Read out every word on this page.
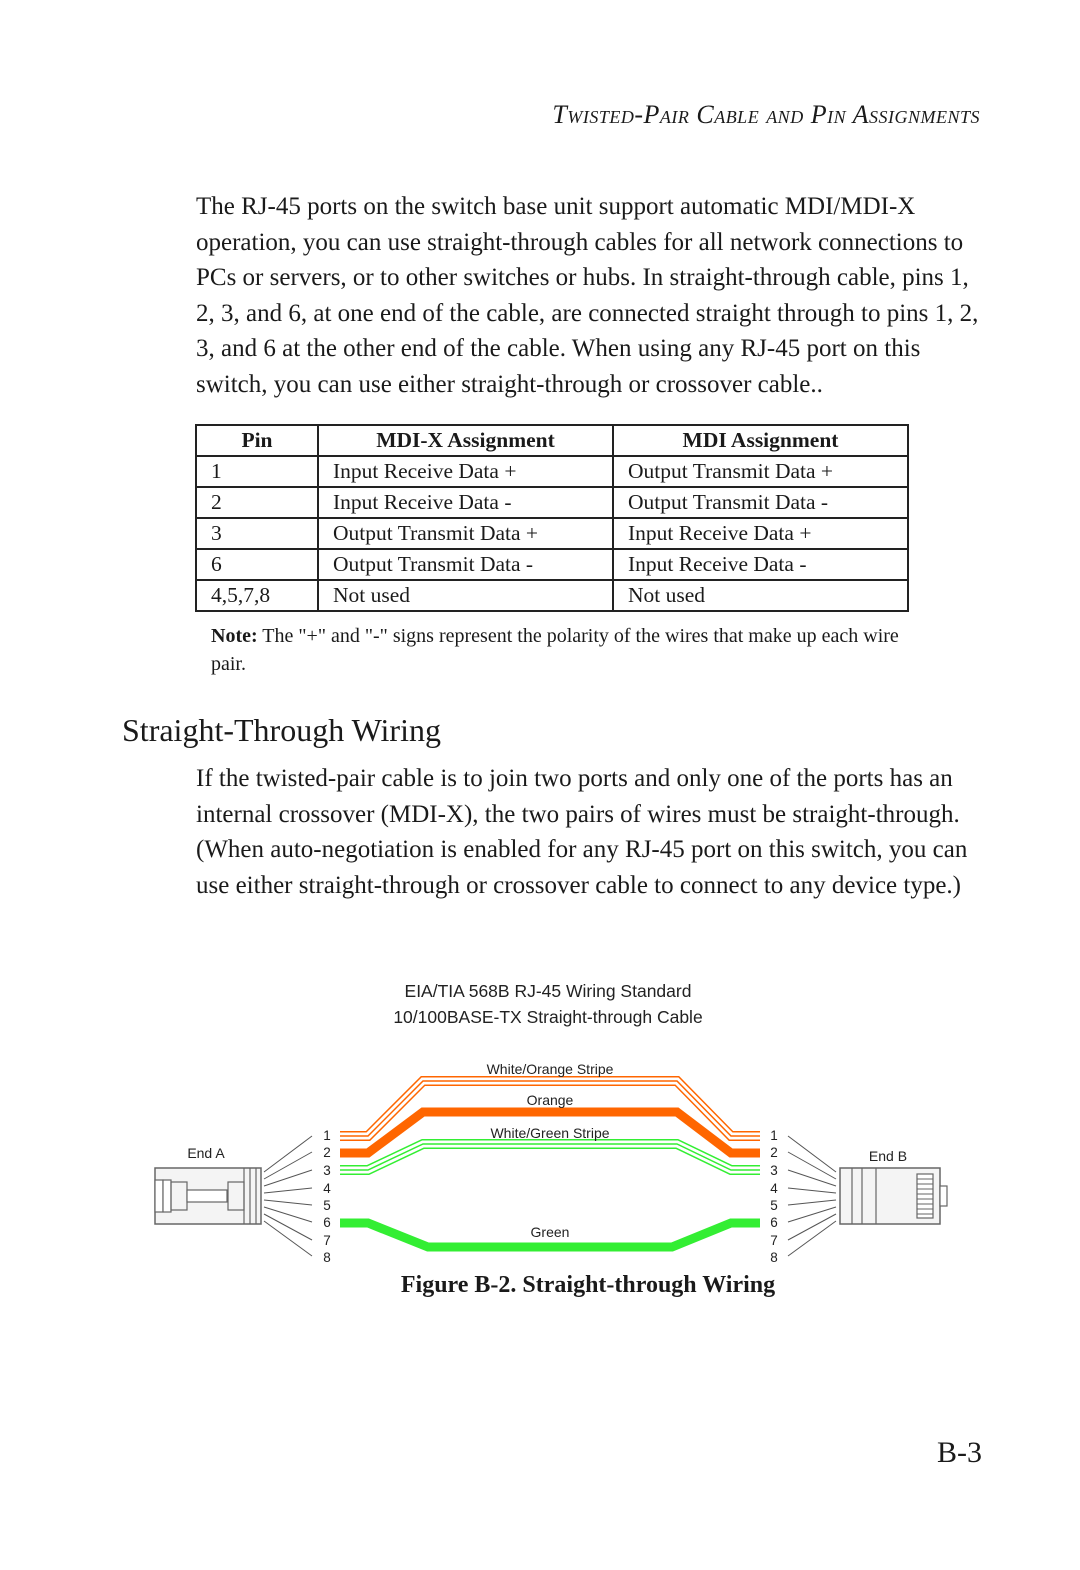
Twisted-Pair Cable and Pin Assignments

The RJ-45 ports on the switch base unit support automatic MDI/MDI-X operation, you can use straight-through cables for all network connections to PCs or servers, or to other switches or hubs. In straight-through cable, pins 1, 2, 3, and 6, at one end of the cable, are connected straight through to pins 1, 2, 3, and 6 at the other end of the cable. When using any RJ-45 port on this switch, you can use either straight-through or crossover cable..

Pin	MDI-X Assignment	MDI Assignment
1	Input Receive Data +	Output Transmit Data +
2	Input Receive Data -	Output Transmit Data -
3	Output Transmit Data +	Input Receive Data +
6	Output Transmit Data -	Input Receive Data -
4,5,7,8	Not used	Not used
Note: The "+" and "-" signs represent the polarity of the wires that make up each wire pair.
Straight-Through Wiring

If the twisted-pair cable is to join two ports and only one of the ports has an internal crossover (MDI-X), the two pairs of wires must be straight-through. (When auto-negotiation is enabled for any RJ-45 port on this switch, you can use either straight-through or crossover cable to connect to any device type.)

EIA/TIA 568B RJ-45 Wiring Standard
10/100BASE-TX Straight-through Cable
End A	End B
1
2
3
4
5
6
7
8
1
2
3
4
5
6
7
8
White/Orange Stripe
Orange
White/Green Stripe
Green
Figure B-2. Straight-through Wiring
B-3
